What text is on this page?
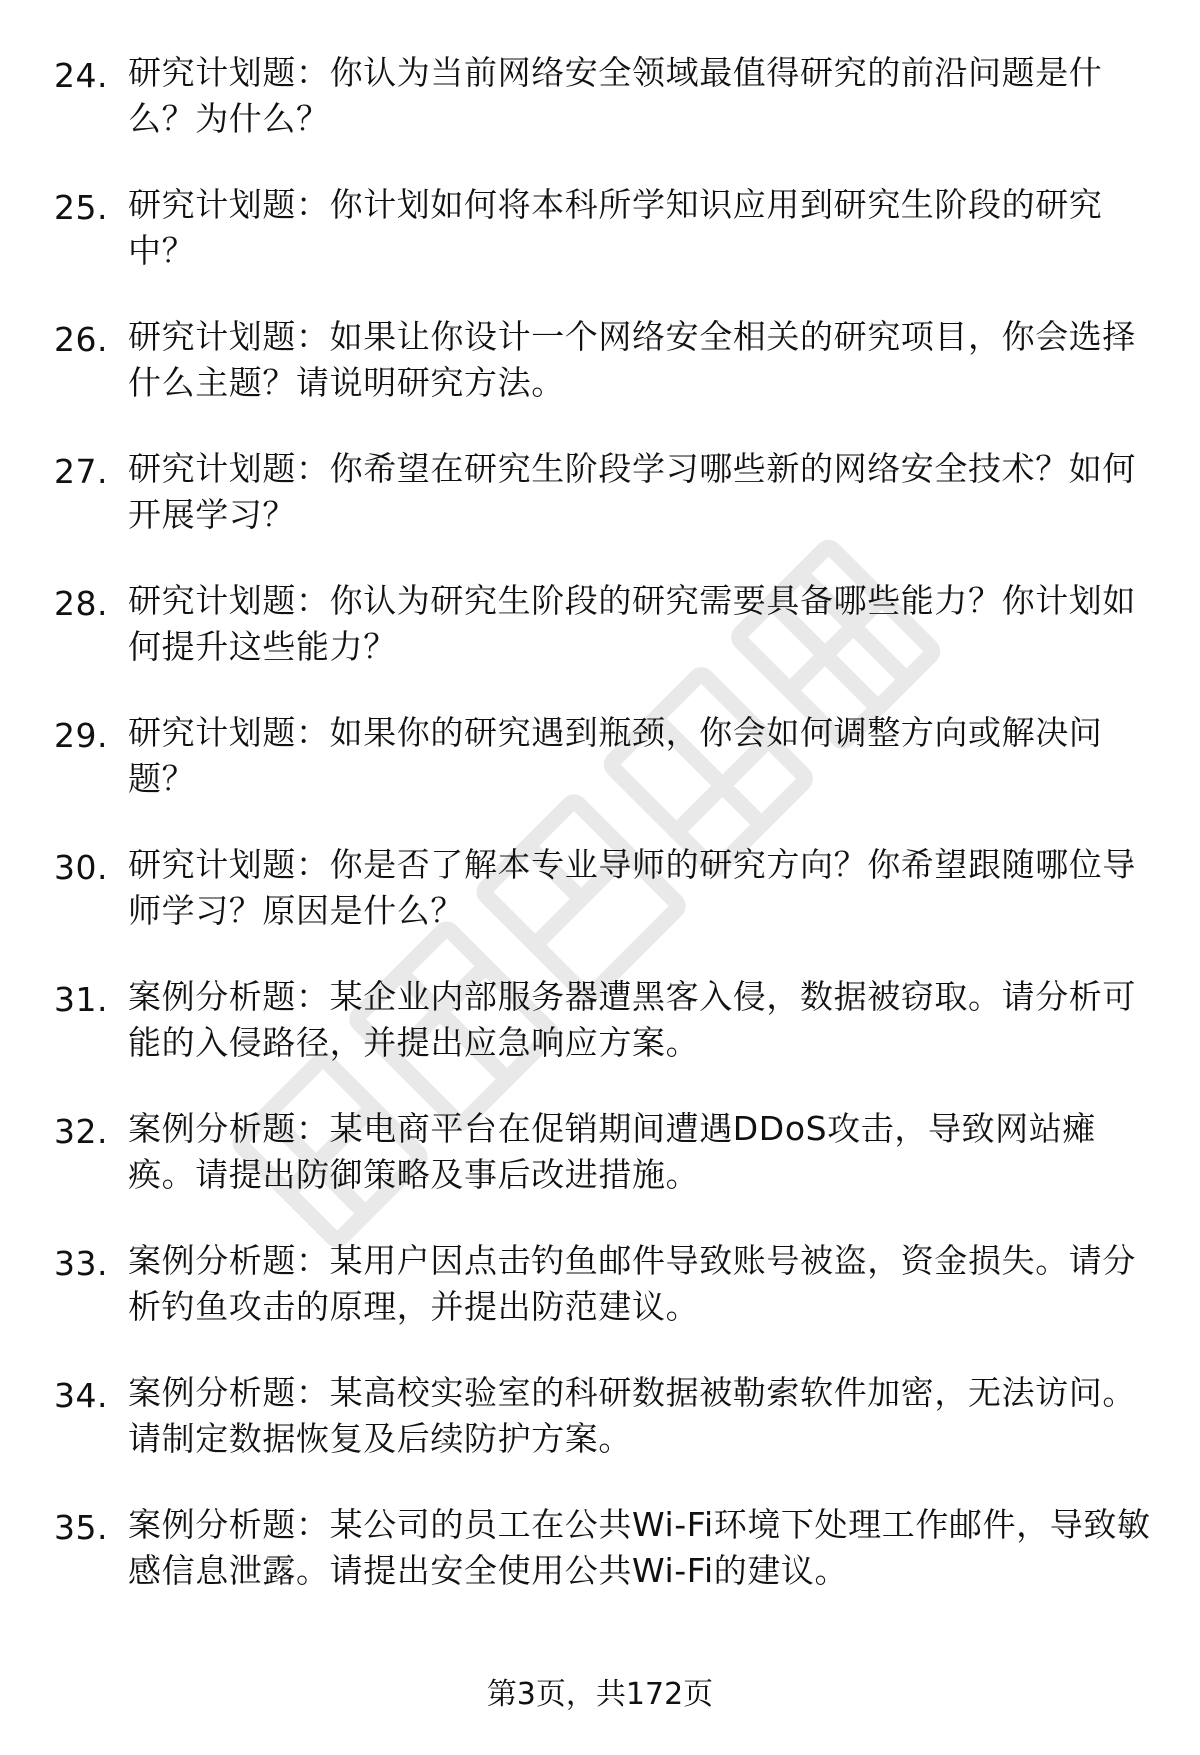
24. 研究计划题：你认为当前网络安全领域最值得研究的前沿问题是什么？为什么？
25. 研究计划题：你计划如何将本科所学知识应用到研究生阶段的研究中？
26. 研究计划题：如果让你设计一个网络安全相关的研究项目，你会选择什么主题？请说明研究方法。
27. 研究计划题：你希望在研究生阶段学习哪些新的网络安全技术？如何开展学习？
28. 研究计划题：你认为研究生阶段的研究需要具备哪些能力？你计划如何提升这些能力？
29. 研究计划题：如果你的研究遇到瓶颈，你会如何调整方向或解决问题？
30. 研究计划题：你是否了解本专业导师的研究方向？你希望跟随哪位导师学习？原因是什么？
31. 案例分析题：某企业内部服务器遭黑客入侵，数据被窃取。请分析可能的入侵路径，并提出应急响应方案。
32. 案例分析题：某电商平台在促销期间遭遇DDoS攻击，导致网站瘫痪。请提出防御策略及事后改进措施。
33. 案例分析题：某用户因点击钓鱼邮件导致账号被盗，资金损失。请分析钓鱼攻击的原理，并提出防范建议。
34. 案例分析题：某高校实验室的科研数据被勒索软件加密，无法访问。请制定数据恢复及后续防护方案。
35. 案例分析题：某公司的员工在公共Wi-Fi环境下处理工作邮件，导致敏感信息泄露。请提出安全使用公共Wi-Fi的建议。
第3页，共172页
